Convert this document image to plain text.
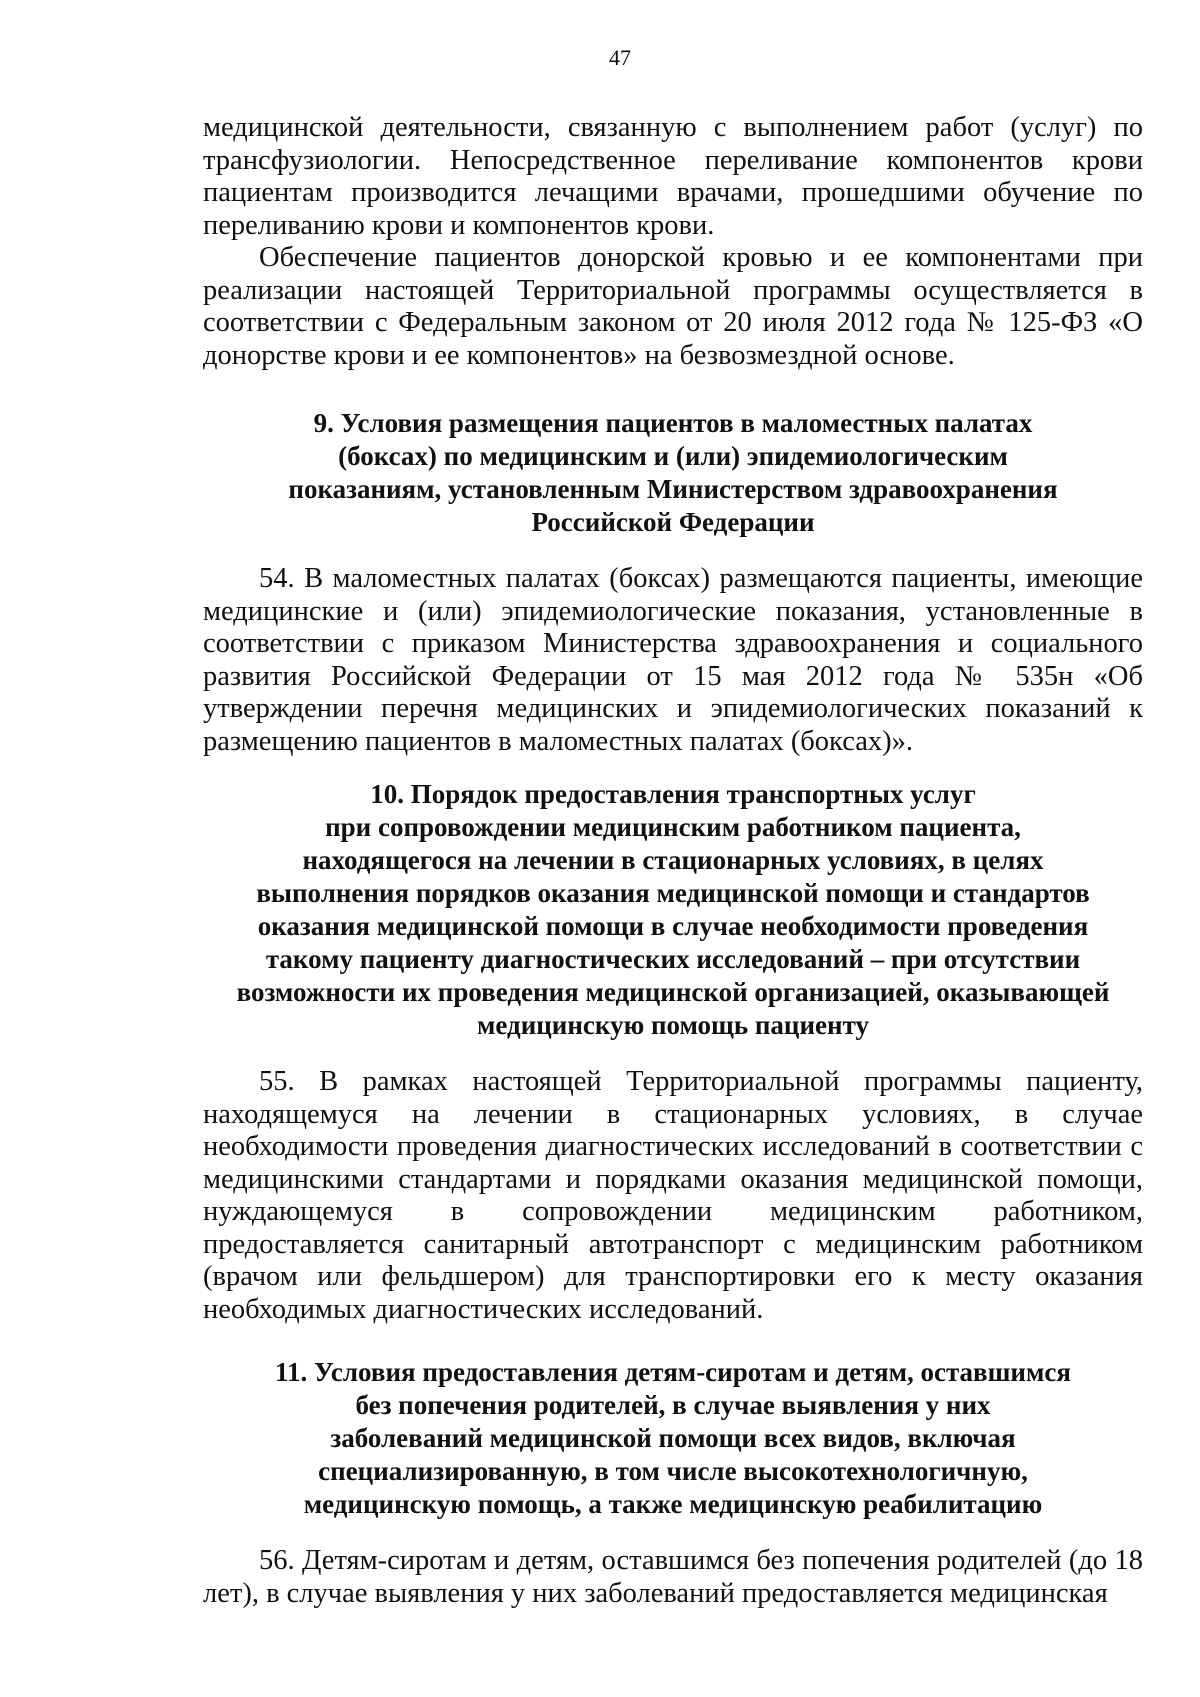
47

медицинской деятельности, связанную с выполнением работ (услуг) по трансфузиологии. Непосредственное переливание компонентов крови пациентам производится лечащими врачами, прошедшими обучение по переливанию крови и компонентов крови.

Обеспечение пациентов донорской кровью и ее компонентами при реализации настоящей Территориальной программы осуществляется в соответствии с Федеральным законом от 20 июля 2012 года № 125-ФЗ «О донорстве крови и ее компонентов» на безвозмездной основе.

9. Условия размещения пациентов в маломестных палатах
(боксах) по медицинским и (или) эпидемиологическим
показаниям, установленным Министерством здравоохранения
Российской Федерации

54. В маломестных палатах (боксах) размещаются пациенты, имеющие медицинские и (или) эпидемиологические показания, установленные в соответствии с приказом Министерства здравоохранения и социального развития Российской Федерации от 15 мая 2012 года № 535н «Об утверждении перечня медицинских и эпидемиологических показаний к размещению пациентов в маломестных палатах (боксах)».

10. Порядок предоставления транспортных услуг
при сопровождении медицинским работником пациента,
находящегося на лечении в стационарных условиях, в целях
выполнения порядков оказания медицинской помощи и стандартов
оказания медицинской помощи в случае необходимости проведения
такому пациенту диагностических исследований – при отсутствии
возможности их проведения медицинской организацией, оказывающей
медицинскую помощь пациенту

55. В рамках настоящей Территориальной программы пациенту, находящемуся на лечении в стационарных условиях, в случае необходимости проведения диагностических исследований в соответствии с медицинскими стандартами и порядками оказания медицинской помощи, нуждающемуся в сопровождении медицинским работником, предоставляется санитарный автотранспорт с медицинским работником (врачом или фельдшером) для транспортировки его к месту оказания необходимых диагностических исследований.

11. Условия предоставления детям-сиротам и детям, оставшимся
без попечения родителей, в случае выявления у них
заболеваний медицинской помощи всех видов, включая
специализированную, в том числе высокотехнологичную,
медицинскую помощь, а также медицинскую реабилитацию

56. Детям-сиротам и детям, оставшимся без попечения родителей (до 18 лет), в случае выявления у них заболеваний предоставляется медицинская
